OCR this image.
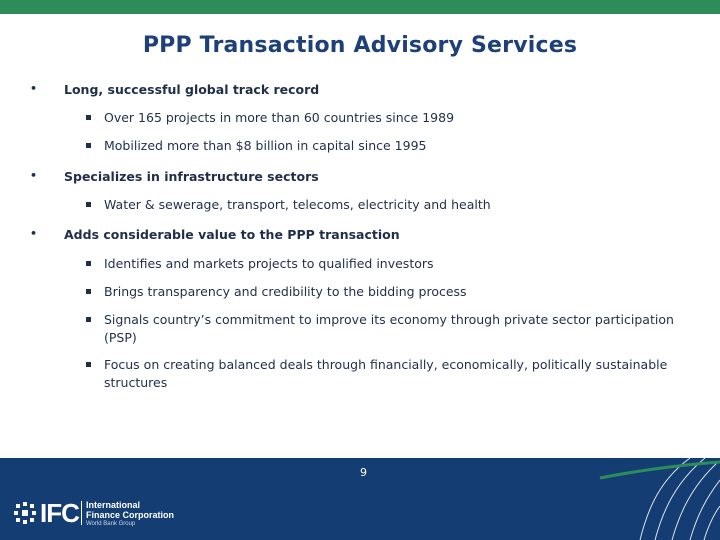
PPP Transaction Advisory Services
• Long, successful global track record
Over 165 projects in more than 60 countries since 1989
Mobilized more than $8 billion in capital since 1995
• Specializes in infrastructure sectors
Water & sewerage, transport, telecoms, electricity and health
• Adds considerable value to the PPP transaction
Identifies and markets projects to qualified investors
Brings transparency and credibility to the bidding process
Signals country’s commitment to improve its economy through private sector participation (PSP)
Focus on creating balanced deals through financially, economically, politically sustainable structures
IFC International
Finance Corporation
World Bank Group
9
